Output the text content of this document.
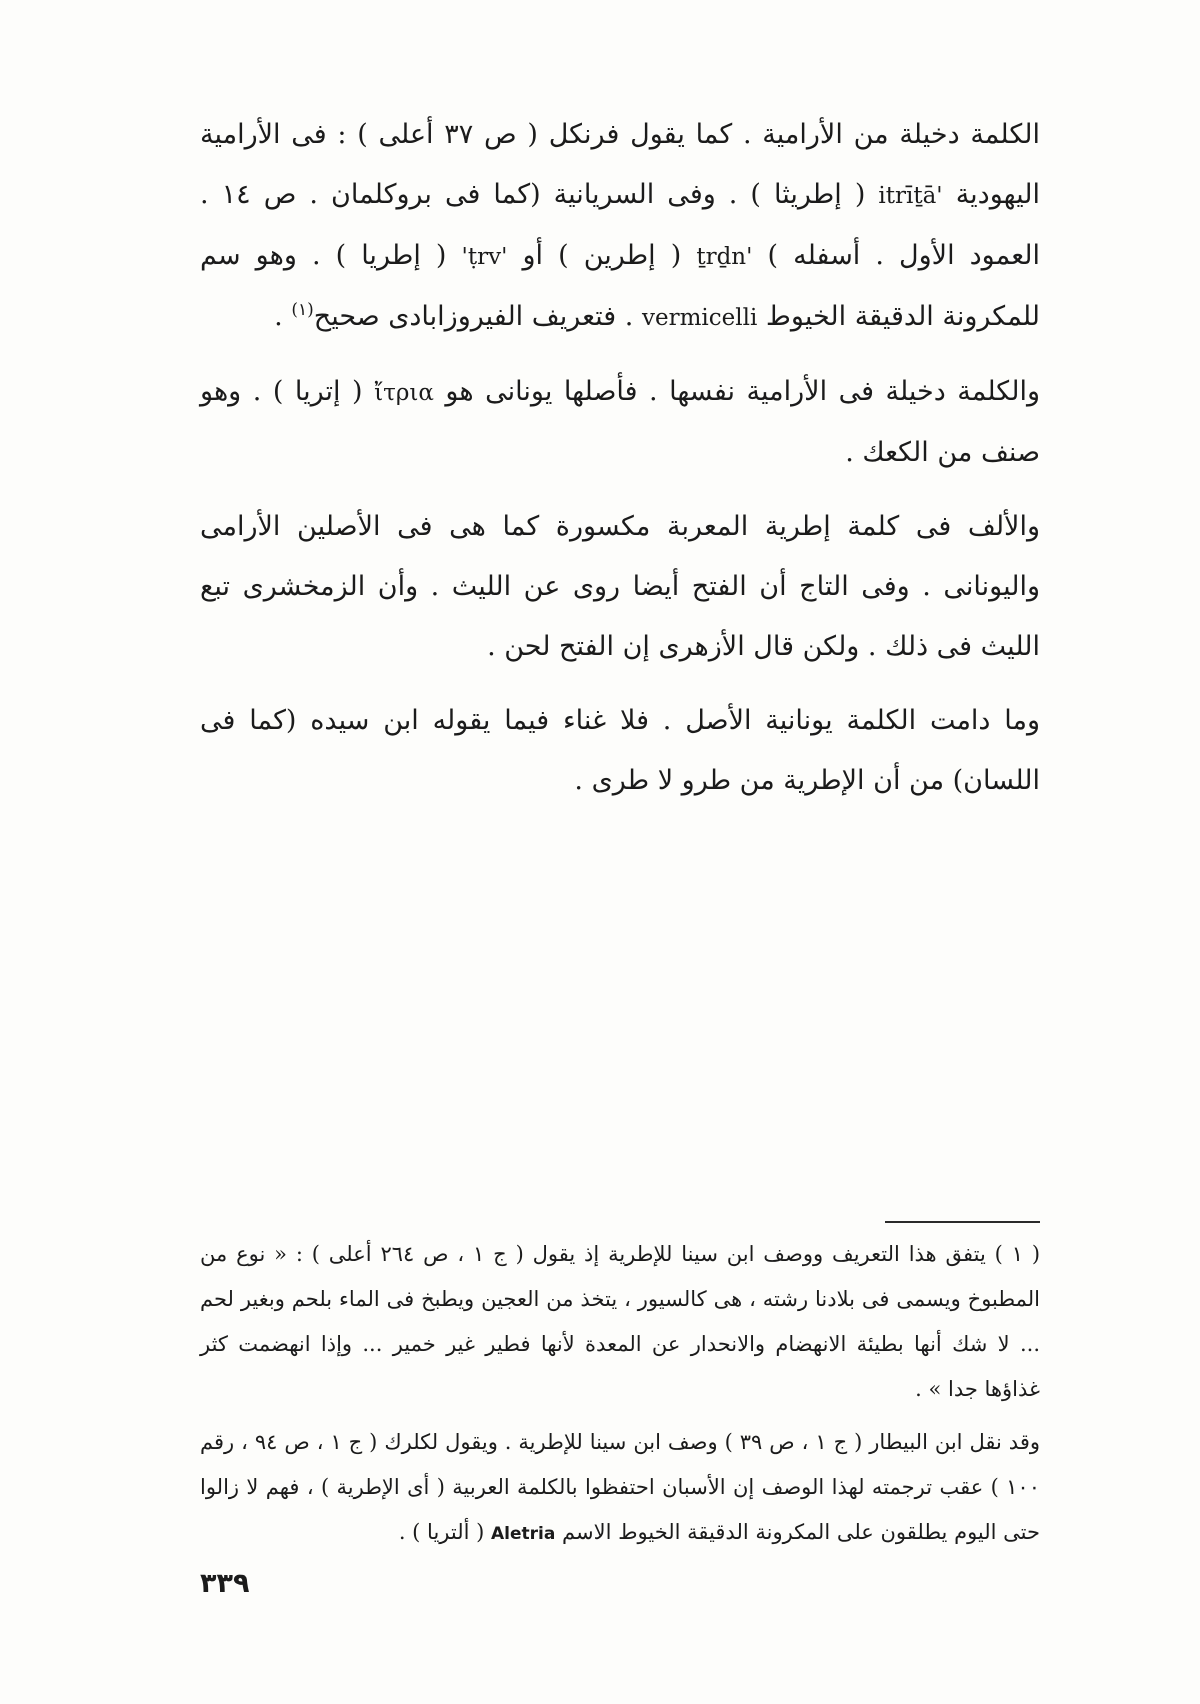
الكلمة دخيلة من الأرامية . كما يقول فرنكل ( ص ٣٧ أعلى ) : فى الأرامية اليهودية itrīṯā' ( إطريثا ) . وفى السريانية (كما فى بروكلمان . ص ١٤ . العمود الأول . أسفله ) ṯrḏn' ( إطرين ) أو 'ṭrv' ( إطريا ) . وهو سم للمكرونة الدقيقة الخيوط vermicelli . فتعريف الفيروزابادى صحيح$^{(١)}$ .

والكلمة دخيلة فى الأرامية نفسها . فأصلها يونانى هو ἴτρια ( إتريا ) . وهو صنف من الكعك .

والألف فى كلمة إطرية المعربة مكسورة كما هى فى الأصلين الأرامى واليونانى . وفى التاج أن الفتح أيضا روى عن الليث . وأن الزمخشرى تبع الليث فى ذلك . ولكن قال الأزهرى إن الفتح لحن .

وما دامت الكلمة يونانية الأصل . فلا غناء فيما يقوله ابن سيده (كما فى اللسان) من أن الإطرية من طرو لا طرى .

( ١ ) يتفق هذا التعريف ووصف ابن سينا للإطرية إذ يقول ( ج ١ ، ص ٢٦٤ أعلى ) : « نوع من المطبوخ ويسمى فى بلادنا رشته ، هى كالسيور ، يتخذ من العجين ويطبخ فى الماء بلحم وبغير لحم ... لا شك أنها بطيئة الانهضام والانحدار عن المعدة لأنها فطير غير خمير ... وإذا انهضمت كثر غذاؤها جدا » .

وقد نقل ابن البيطار ( ج ١ ، ص ٣٩ ) وصف ابن سينا للإطرية . ويقول لكلرك ( ج ١ ، ص ٩٤ ، رقم ١٠٠ ) عقب ترجمته لهذا الوصف إن الأسبان احتفظوا بالكلمة العربية ( أى الإطرية ) ، فهم لا زالوا حتى اليوم يطلقون على المكرونة الدقيقة الخيوط الاسم Aletria ( ألتريا ) .

٣٣٩
